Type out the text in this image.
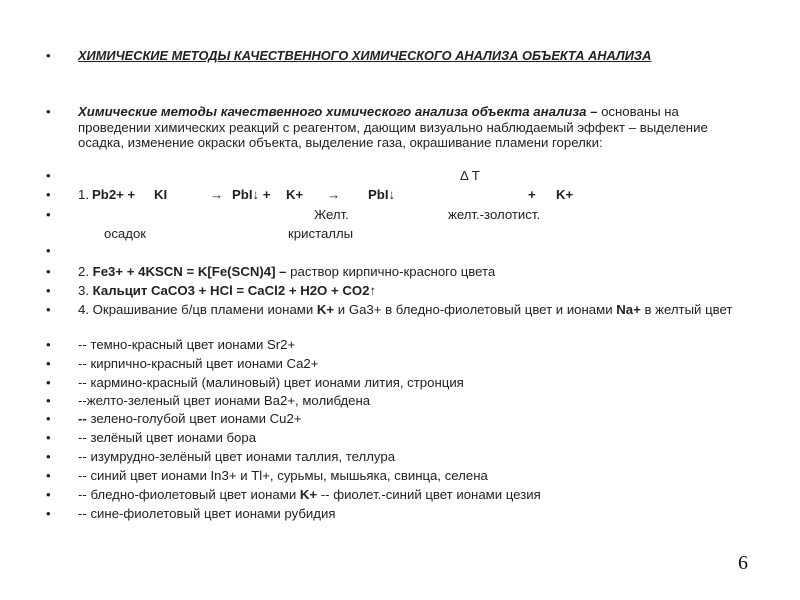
•	ХИМИЧЕСКИЕ МЕТОДЫ КАЧЕСТВЕННОГО ХИМИЧЕСКОГО АНАЛИЗА ОБЪЕКТА АНАЛИЗА
•	Химические методы качественного химического анализа объекта анализа – основаны на проведении химических реакций с реагентом, дающим визуально наблюдаемый эффект – выделение осадка, изменение окраски объекта, выделение газа, окрашивание пламени горелки:
•	Δ T
•	1. Pb2+ + KI	→ PbI↓ + K+ → PbI↓	+ K+
•	Желт.	желт.-золотист.
осадок	кристаллы
•
•	2. Fe3+ + 4KSCN = K[Fe(SCN)4] – раствор кирпично-красного цвета
•	3. Кальцит CaCO3 + HCl = CaCl2 + H2O + CO2↑
•	4. Окрашивание б/цв пламени ионами K+ и Ga3+ в бледно-фиолетовый цвет и ионами Na+ в желтый цвет
•	-- темно-красный цвет ионами Sr2+
•	-- кирпично-красный цвет ионами Ca2+
•	-- кармино-красный (малиновый) цвет ионами лития, стронция
•	--желто-зеленый цвет ионами Ba2+, молибдена
•	-- зелено-голубой цвет ионами Cu2+
•	-- зелёный цвет ионами бора
•	-- изумрудно-зелёный цвет ионами таллия, теллура
•	-- синий цвет ионами In3+ и Tl+, сурьмы, мышьяка, свинца, селена
•	-- бледно-фиолетовый цвет ионами K+ -- фиолет.-синий цвет ионами цезия
•	-- сине-фиолетовый цвет ионами рубидия
6
